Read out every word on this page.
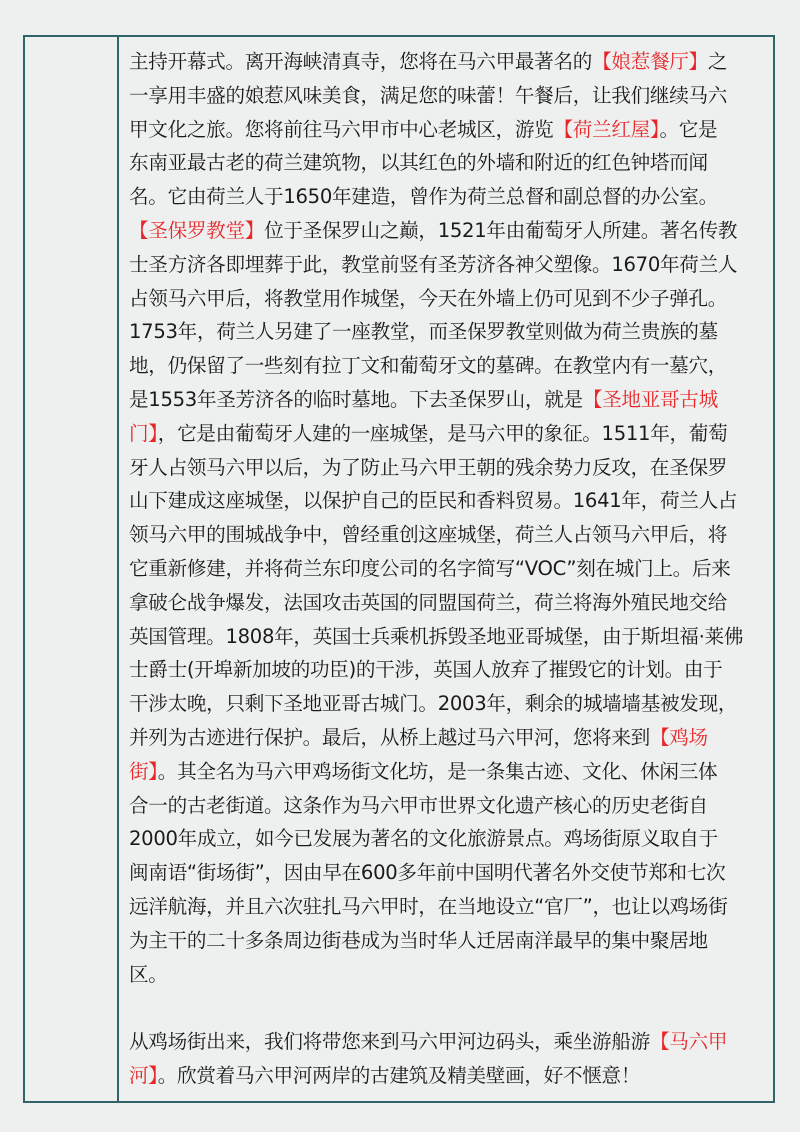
主持开幕式。离开海峡清真寺，您将在马六甲最著名的【娘惹餐厅】之
一享用丰盛的娘惹风味美食，满足您的味蕾！午餐后，让我们继续马六
甲文化之旅。您将前往马六甲市中心老城区，游览【荷兰红屋】。它是
东南亚最古老的荷兰建筑物，以其红色的外墙和附近的红色钟塔而闻
名。它由荷兰人于1650年建造，曾作为荷兰总督和副总督的办公室。
【圣保罗教堂】位于圣保罗山之巅，1521年由葡萄牙人所建。著名传教
士圣方济各即埋葬于此，教堂前竖有圣芳济各神父塑像。1670年荷兰人
占领马六甲后，将教堂用作城堡，今天在外墙上仍可见到不少子弹孔。
1753年，荷兰人另建了一座教堂，而圣保罗教堂则做为荷兰贵族的墓
地，仍保留了一些刻有拉丁文和葡萄牙文的墓碑。在教堂内有一墓穴，
是1553年圣芳济各的临时墓地。下去圣保罗山，就是【圣地亚哥古城
门】，它是由葡萄牙人建的一座城堡，是马六甲的象征。1511年，葡萄
牙人占领马六甲以后，为了防止马六甲王朝的残余势力反攻，在圣保罗
山下建成这座城堡，以保护自己的臣民和香料贸易。1641年，荷兰人占
领马六甲的围城战争中，曾经重创这座城堡，荷兰人占领马六甲后，将
它重新修建，并将荷兰东印度公司的名字简写“VOC”刻在城门上。后来
拿破仑战争爆发，法国攻击英国的同盟国荷兰，荷兰将海外殖民地交给
英国管理。1808年，英国士兵乘机拆毁圣地亚哥城堡，由于斯坦福·莱佛
士爵士(开埠新加坡的功臣)的干涉，英国人放弃了摧毁它的计划。由于
干涉太晚，只剩下圣地亚哥古城门。2003年，剩余的城墙墙基被发现，
并列为古迹进行保护。最后，从桥上越过马六甲河，您将来到【鸡场
街】。其全名为马六甲鸡场街文化坊，是一条集古迹、文化、休闲三体
合一的古老街道。这条作为马六甲市世界文化遗产核心的历史老街自
2000年成立，如今已发展为著名的文化旅游景点。鸡场街原义取自于
闽南语“街场街”，因由早在600多年前中国明代著名外交使节郑和七次
远洋航海，并且六次驻扎马六甲时，在当地设立“官厂”，也让以鸡场街
为主干的二十多条周边街巷成为当时华人迁居南洋最早的集中聚居地
区。
从鸡场街出来，我们将带您来到马六甲河边码头，乘坐游船游【马六甲
河】。欣赏着马六甲河两岸的古建筑及精美壁画，好不惬意！
